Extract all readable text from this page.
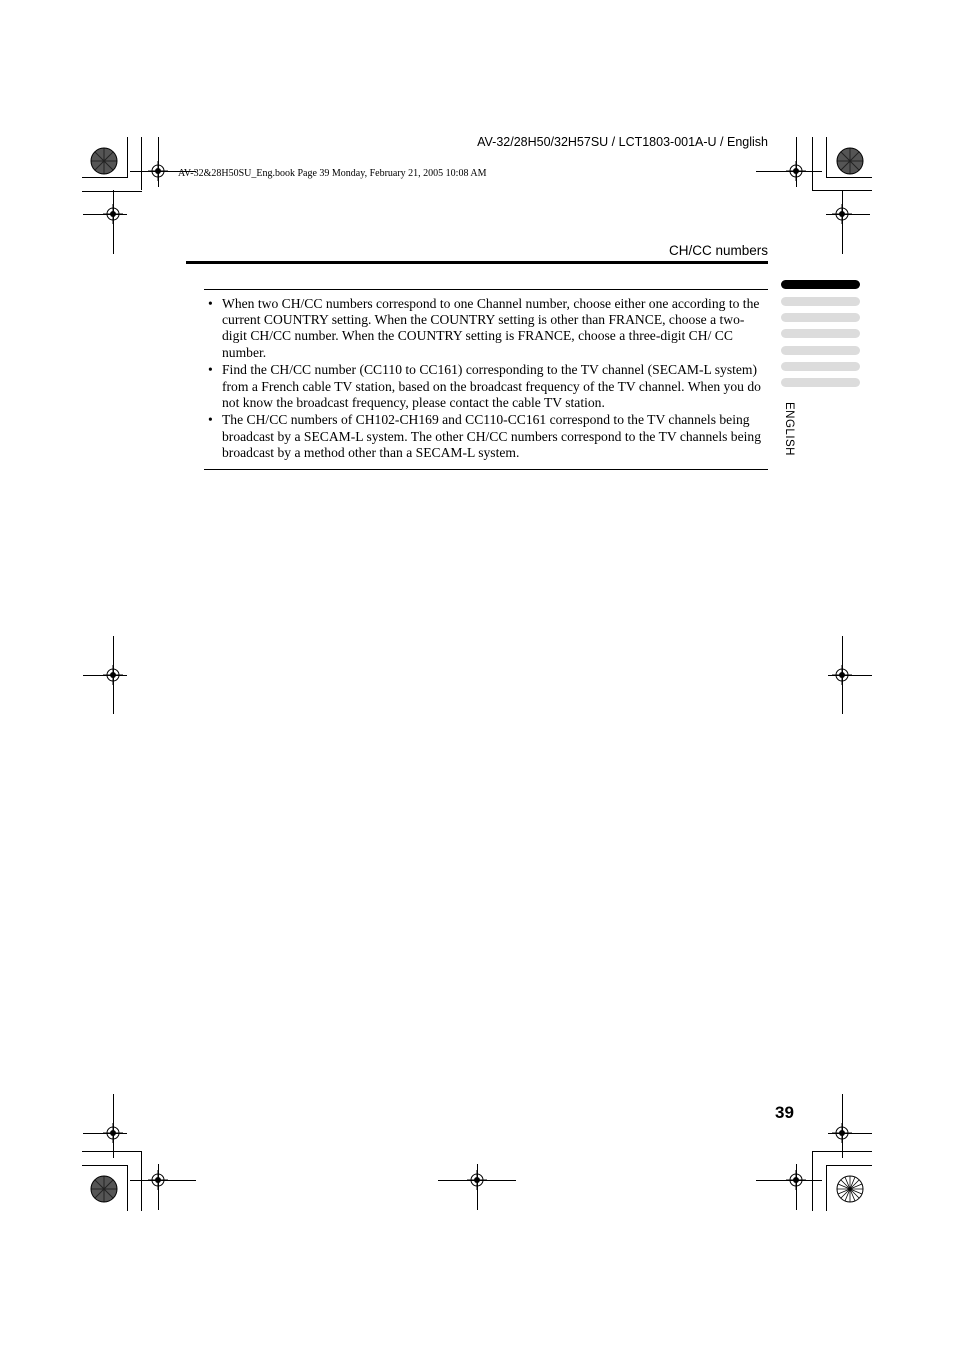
AV-32/28H50/32H57SU / LCT1803-001A-U / English
AV-32&28H50SU_Eng.book Page 39 Monday, February 21, 2005 10:08 AM
CH/CC numbers
ENGLISH
• When two CH/CC numbers correspond to one Channel number, choose either one according to the current COUNTRY setting. When the COUNTRY setting is other than FRANCE, choose a two-digit CH/CC number. When the COUNTRY setting is FRANCE, choose a three-digit CH/ CC number.
• Find the CH/CC number (CC110 to CC161) corresponding to the TV channel (SECAM-L system) from a French cable TV station, based on the broadcast frequency of the TV channel. When you do not know the broadcast frequency, please contact the cable TV station.
• The CH/CC numbers of CH102-CH169 and CC110-CC161 correspond to the TV channels being broadcast by a SECAM-L system. The other CH/CC numbers correspond to the TV channels being broadcast by a method other than a SECAM-L system.
39
